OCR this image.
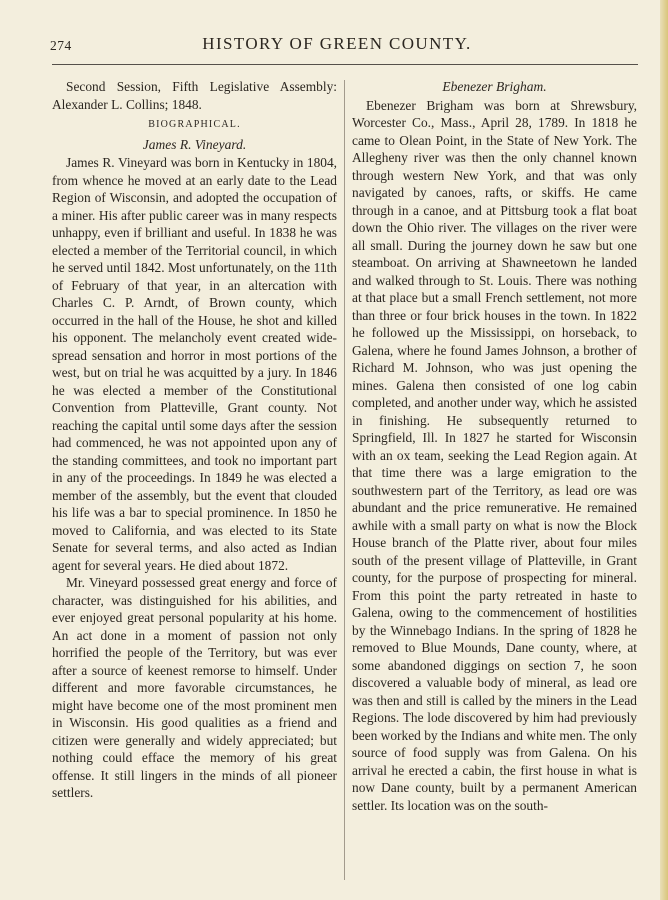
274	HISTORY OF GREEN COUNTY.

Second Session, Fifth Legislative Assembly: Alexander L. Collins; 1848.

BIOGRAPHICAL.
James R. Vineyard.

James R. Vineyard was born in Kentucky in 1804, from whence he moved at an early date to the Lead Region of Wisconsin, and adopted the occupation of a miner. His after public career was in many respects unhappy, even if brilliant and useful. In 1838 he was elected a member of the Territorial council, in which he served until 1842. Most unfortunately, on the 11th of February of that year, in an altercation with Charles C. P. Arndt, of Brown county, which occurred in the hall of the House, he shot and killed his opponent. The melancholy event created wide-spread sensation and horror in most portions of the west, but on trial he was acquitted by a jury. In 1846 he was elected a member of the Constitutional Convention from Platteville, Grant county. Not reaching the capital until some days after the session had commenced, he was not appointed upon any of the standing committees, and took no important part in any of the proceedings. In 1849 he was elected a member of the assembly, but the event that clouded his life was a bar to special prominence. In 1850 he moved to California, and was elected to its State Senate for several terms, and also acted as Indian agent for several years. He died about 1872.

Mr. Vineyard possessed great energy and force of character, was distinguished for his abilities, and ever enjoyed great personal popularity at his home. An act done in a moment of passion not only horrified the people of the Territory, but was ever after a source of keenest remorse to himself. Under different and more favorable circumstances, he might have become one of the most prominent men in Wisconsin. His good qualities as a friend and citizen were generally and widely appreciated; but nothing could efface the memory of his great offense. It still lingers in the minds of all pioneer settlers.

Ebenezer Brigham.

Ebenezer Brigham was born at Shrewsbury, Worcester Co., Mass., April 28, 1789. In 1818 he came to Olean Point, in the State of New York. The Allegheny river was then the only channel known through western New York, and that was only navigated by canoes, rafts, or skiffs. He came through in a canoe, and at Pittsburg took a flat boat down the Ohio river. The villages on the river were all small. During the journey down he saw but one steamboat. On arriving at Shawneetown he landed and walked through to St. Louis. There was nothing at that place but a small French settlement, not more than three or four brick houses in the town. In 1822 he followed up the Mississippi, on horseback, to Galena, where he found James Johnson, a brother of Richard M. Johnson, who was just opening the mines. Galena then consisted of one log cabin completed, and another under way, which he assisted in finishing. He subsequently returned to Springfield, Ill. In 1827 he started for Wisconsin with an ox team, seeking the Lead Region again. At that time there was a large emigration to the southwestern part of the Territory, as lead ore was abundant and the price remunerative. He remained awhile with a small party on what is now the Block House branch of the Platte river, about four miles south of the present village of Platteville, in Grant county, for the purpose of prospecting for mineral. From this point the party retreated in haste to Galena, owing to the commencement of hostilities by the Winnebago Indians. In the spring of 1828 he removed to Blue Mounds, Dane county, where, at some abandoned diggings on section 7, he soon discovered a valuable body of mineral, as lead ore was then and still is called by the miners in the Lead Regions. The lode discovered by him had previously been worked by the Indians and white men. The only source of food supply was from Galena. On his arrival he erected a cabin, the first house in what is now Dane county, built by a permanent American settler. Its location was on the south-
